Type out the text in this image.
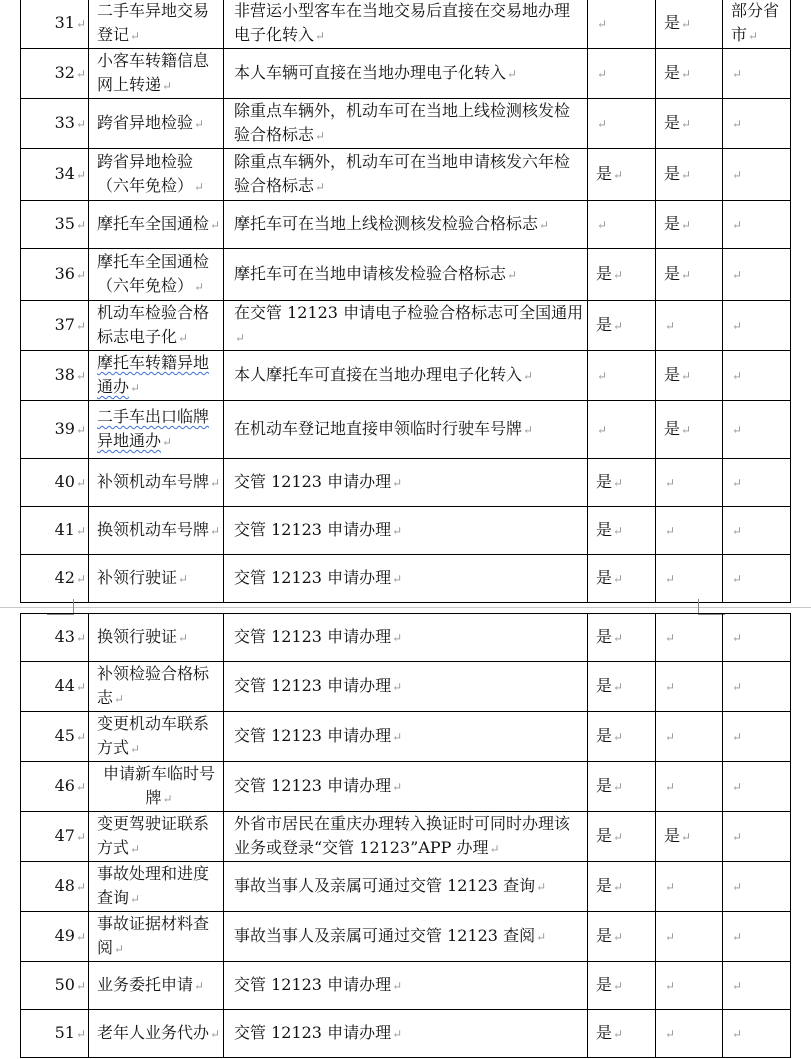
31↵	二手车异地交易登记↵	非营运小型客车在当地交易后直接在交易地办理电子化转入↵	↵	是↵	部分省市↵
32↵	小客车转籍信息网上转递↵	本人车辆可直接在当地办理电子化转入↵	↵	是↵	↵
33↵	跨省异地检验↵	除重点车辆外，机动车可在当地上线检测核发检验合格标志↵	↵	是↵	↵
34↵	跨省异地检验（六年免检）↵	除重点车辆外，机动车可在当地申请核发六年检验合格标志↵	是↵	是↵	↵
35↵	摩托车全国通检↵	摩托车可在当地上线检测核发检验合格标志↵	↵	是↵	↵
36↵	摩托车全国通检（六年免检）↵	摩托车可在当地申请核发检验合格标志↵	是↵	是↵	↵
37↵	机动车检验合格标志电子化↵	在交管 12123 申请电子检验合格标志可全国通用↵	是↵	↵	↵
38↵	摩托车转籍异地通办↵	本人摩托车可直接在当地办理电子化转入↵	↵	是↵	↵
39↵	二手车出口临牌异地通办↵	在机动车登记地直接申领临时行驶车号牌↵	↵	是↵	↵
40↵	补领机动车号牌↵	交管 12123 申请办理↵	是↵	↵	↵
41↵	换领机动车号牌↵	交管 12123 申请办理↵	是↵	↵	↵
42↵	补领行驶证↵	交管 12123 申请办理↵	是↵	↵	↵
43↵	换领行驶证↵	交管 12123 申请办理↵	是↵	↵	↵
44↵	补领检验合格标志↵	交管 12123 申请办理↵	是↵	↵	↵
45↵	变更机动车联系方式↵	交管 12123 申请办理↵	是↵	↵	↵
46↵	申请新车临时号牌↵	交管 12123 申请办理↵	是↵	↵	↵
47↵	变更驾驶证联系方式↵	外省市居民在重庆办理转入换证时可同时办理该业务或登录“交管 12123”APP 办理↵	是↵	是↵	↵
48↵	事故处理和进度查询↵	事故当事人及亲属可通过交管 12123 查询↵	是↵	↵	↵
49↵	事故证据材料查阅↵	事故当事人及亲属可通过交管 12123 查阅↵	是↵	↵	↵
50↵	业务委托申请↵	交管 12123 申请办理↵	是↵	↵	↵
51↵	老年人业务代办↵	交管 12123 申请办理↵	是↵	↵	↵
